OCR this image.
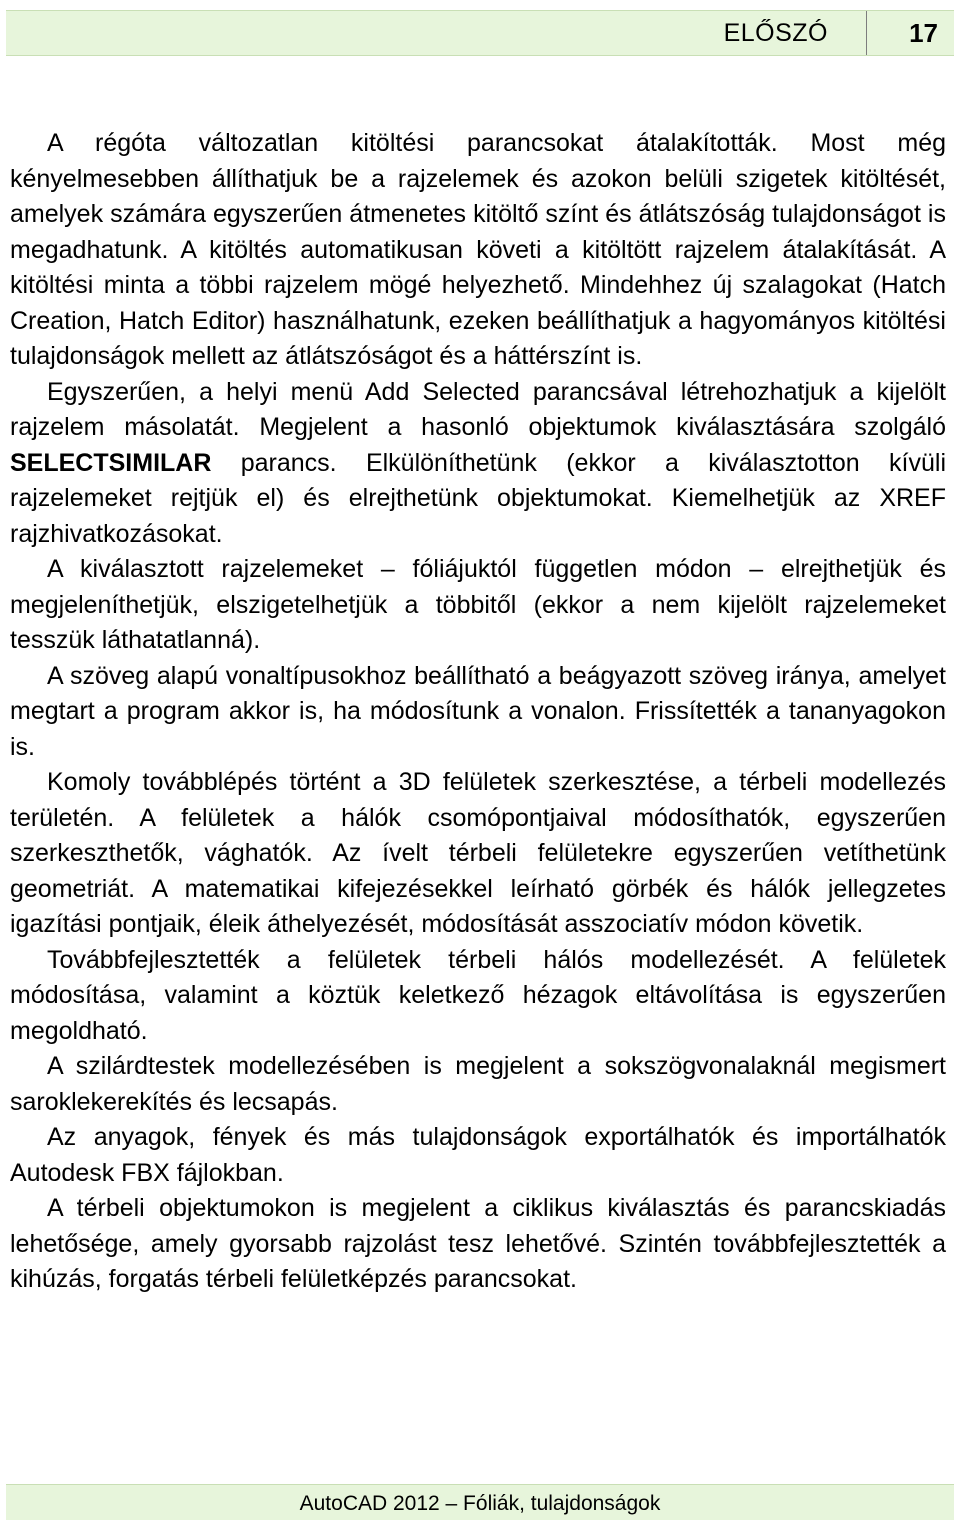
ELŐSZÓ	17

A régóta változatlan kitöltési parancsokat átalakították. Most még kényelmesebben állíthatjuk be a rajzelemek és azokon belüli szigetek kitöltését, amelyek számára egyszerűen átmenetes kitöltő színt és átlátszóság tulajdonságot is megadhatunk. A kitöltés automatikusan követi a kitöltött rajzelem átalakítását. A kitöltési minta a többi rajzelem mögé helyezhető. Mindehhez új szalagokat (Hatch Creation, Hatch Editor) használhatunk, ezeken beállíthatjuk a hagyományos kitöltési tulajdonságok mellett az átlátszóságot és a háttérszínt is.

Egyszerűen, a helyi menü Add Selected parancsával létrehozhatjuk a kijelölt rajzelem másolatát. Megjelent a hasonló objektumok kiválasztására szolgáló SELECTSIMILAR parancs. Elkülöníthetünk (ekkor a kiválasztotton kívüli rajzelemeket rejtjük el) és elrejthetünk objektumokat. Kiemelhetjük az XREF rajzhivatkozásokat.

A kiválasztott rajzelemeket – fóliájuktól független módon – elrejthetjük és megjeleníthetjük, elszigetelhetjük a többitől (ekkor a nem kijelölt rajzelemeket tesszük láthatatlanná).

A szöveg alapú vonaltípusokhoz beállítható a beágyazott szöveg iránya, amelyet megtart a program akkor is, ha módosítunk a vonalon. Frissítették a tananyagokon is.

Komoly továbblépés történt a 3D felületek szerkesztése, a térbeli modellezés területén. A felületek a hálók csomópontjaival módosíthatók, egyszerűen szerkeszthetők, vághatók. Az ívelt térbeli felületekre egyszerűen vetíthetünk geometriát. A matematikai kifejezésekkel leírható görbék és hálók jellegzetes igazítási pontjaik, éleik áthelyezését, módosítását asszociatív módon követik.

Továbbfejlesztették a felületek térbeli hálós modellezését. A felületek módosítása, valamint a köztük keletkező hézagok eltávolítása is egyszerűen megoldható.

A szilárdtestek modellezésében is megjelent a sokszögvonalaknál megismert saroklekerekítés és lecsapás.

Az anyagok, fények és más tulajdonságok exportálhatók és importálhatók Autodesk FBX fájlokban.

A térbeli objektumokon is megjelent a ciklikus kiválasztás és parancskiadás lehetősége, amely gyorsabb rajzolást tesz lehetővé. Szintén továbbfejlesztették a kihúzás, forgatás térbeli felületképzés parancsokat.

AutoCAD 2012 – Fóliák, tulajdonságok
